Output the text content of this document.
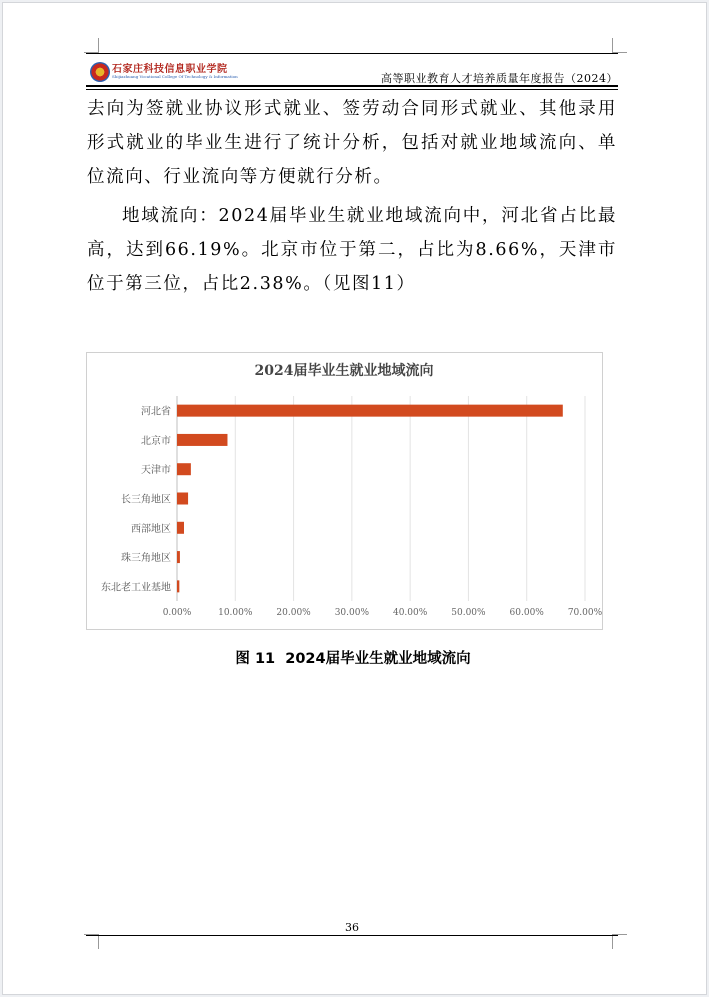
石家庄科技信息职业学院
Shijiazhuang Vocational College Of Technology & Information	高等职业教育人才培养质量年度报告（2024）

去向为签就业协议形式就业、签劳动合同形式就业、其他录用形式就业的毕业生进行了统计分析，包括对就业地域流向、单位流向、行业流向等方便就行分析。

地域流向：2024届毕业生就业地域流向中，河北省占比最高，达到66.19%。北京市位于第二，占比为8.66%，天津市位于第三位，占比2.38%。（见图11）

2024届毕业生就业地域流向
0.00%	10.00%	20.00%	30.00%	40.00%	50.00%	60.00%	70.00%
河北省
北京市
天津市
长三角地区
西部地区
珠三角地区
东北老工业基地
图 11  2024届毕业生就业地域流向
36
